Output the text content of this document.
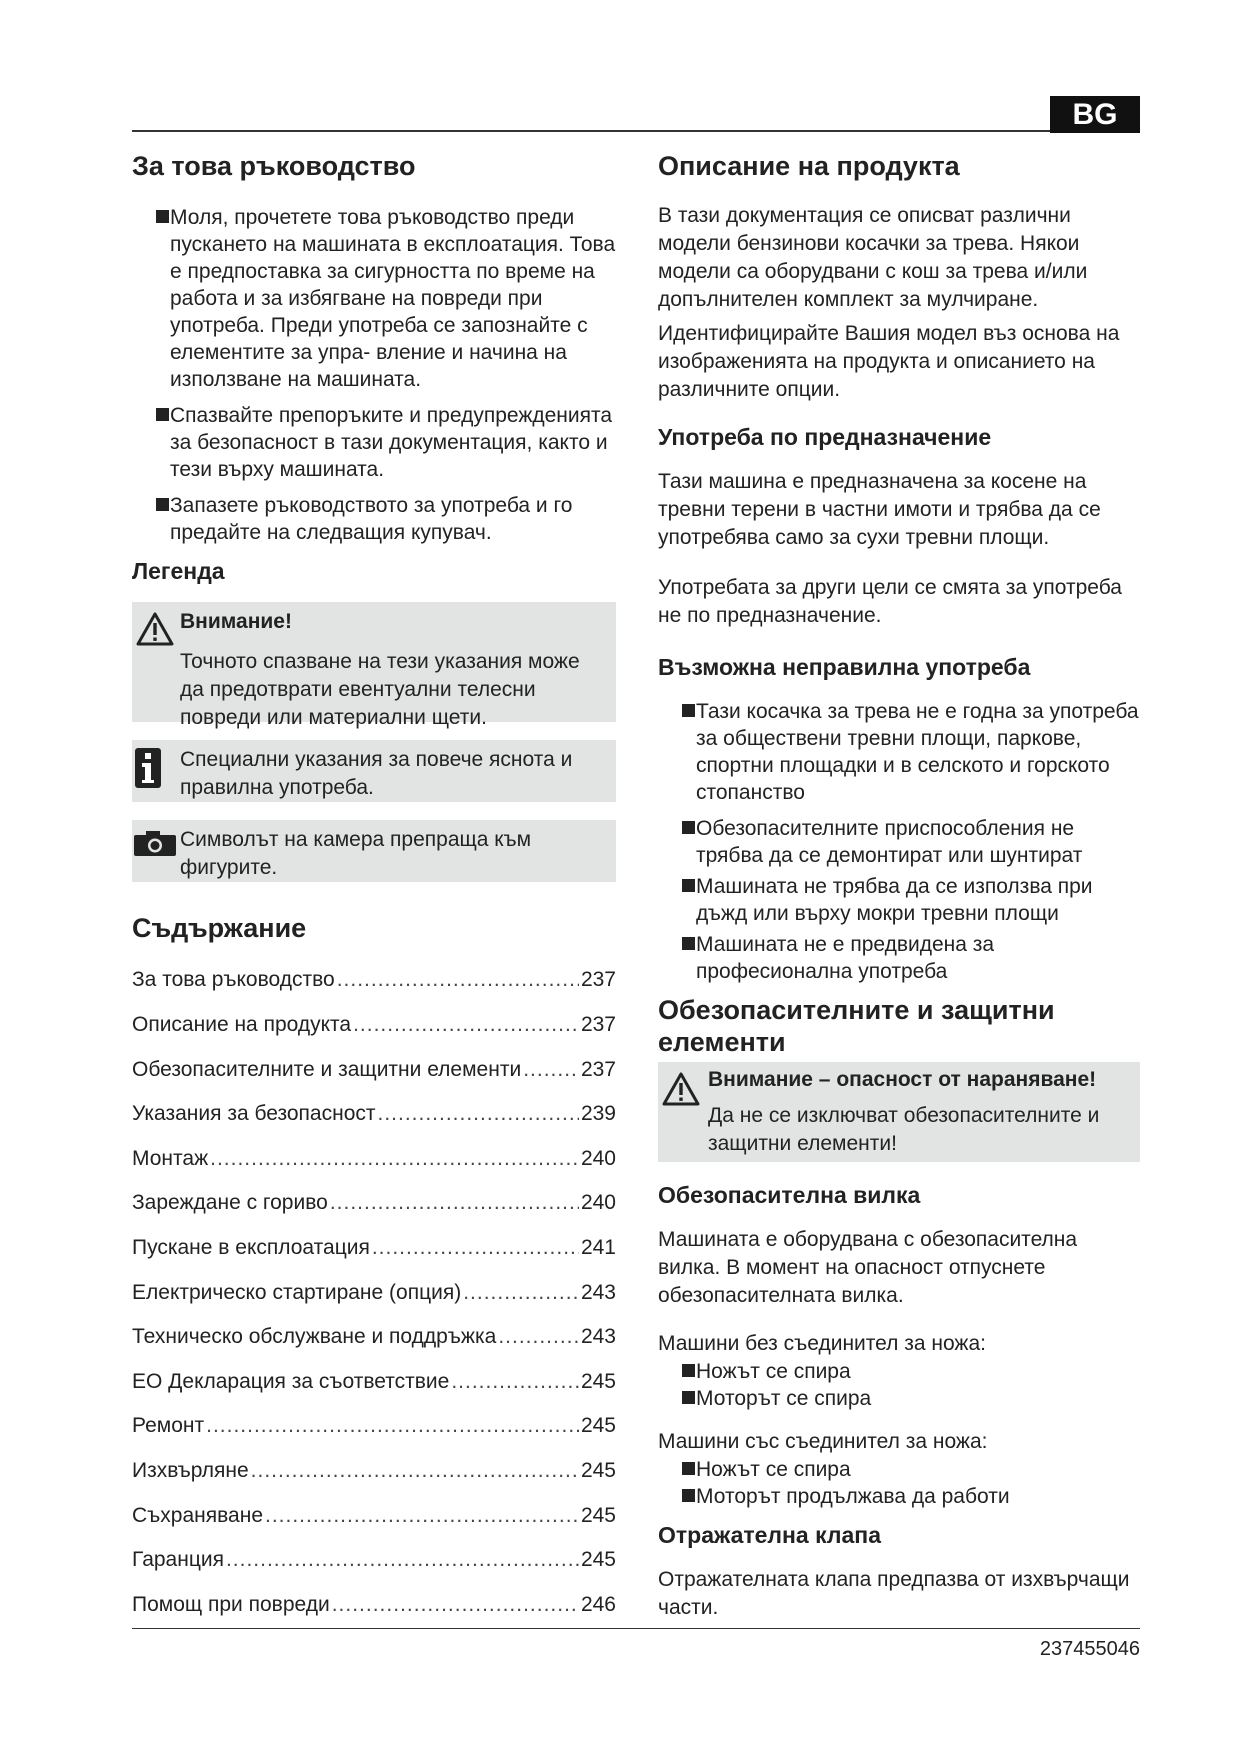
BG
За това ръководство
Моля, прочетете това ръководство преди пускането на машината в експлоатация. Това е предпоставка за сигурността по време на работа и за избягване на повреди при употреба. Преди употреба се запознайте с елементите за упра- вление и начина на използване на машината.
Спазвайте препоръките и предупрежденията за безопасност в тази документация, както и тези върху машината.
Запазете ръководството за употреба и го предайте на следващия купувач.
Легенда
Внимание!

Точното спазване на тези указания може да предотврати евентуални телесни повреди или материални щети.

Специални указания за повече яснота и правилна употреба.

Символът на камера препраща към фигурите.

Съдържание
За това ръководство .....	237
Описание на продукта .....	237
Обезопасителните и защитни елементи .....	237
Указания за безопасност .....	239
Монтаж .....	240
Зареждане с гориво .....	240
Пускане в експлоатация .....	241
Електрическо стартиране (опция) .....	243
Техническо обслужване и поддръжка .....	243
ЕО Декларация за съответствие .....	245
Ремонт .....	245
Изхвърляне .....	245
Съхраняване .....	245
Гаранция .....	245
Помощ при повреди .....	246
Описание на продукта

В тази документация се описват различни модели бензинови косачки за трева. Някои модели са оборудвани с кош за трева и/или допълнителен комплект за мулчиране.

Идентифицирайте Вашия модел въз основа на изображенията на продукта и описанието на различните опции.

Употреба по предназначение

Тази машина е предназначена за косене на тревни терени в частни имоти и трябва да се употребява само за сухи тревни площи.

Употребата за други цели се смята за употреба не по предназначение.

Възможна неправилна употреба
Тази косачка за трева не е годна за употреба за обществени тревни площи, паркове, спортни площадки и в селското и горското стопанство
Обезопасителните приспособления не трябва да се демонтират или шунтират
Машината не трябва да се използва при дъжд или върху мокри тревни площи
Машината не е предвидена за професионална употреба
Обезопасителните и защитни елементи
Внимание – опасност от нараняване!

Да не се изключват обезопасителните и защитни елементи!

Обезопасителна вилка

Машината е оборудвана с обезопасителна вилка. В момент на опасност отпуснете обезопасителната вилка.

Машини без съединител за ножа:

Ножът се спира
Моторът се спира

Машини със съединител за ножа:

Ножът се спира
Моторът продължава да работи
Отражателна клапа

Отражателната клапа предпазва от изхвърчащи части.

237455046
